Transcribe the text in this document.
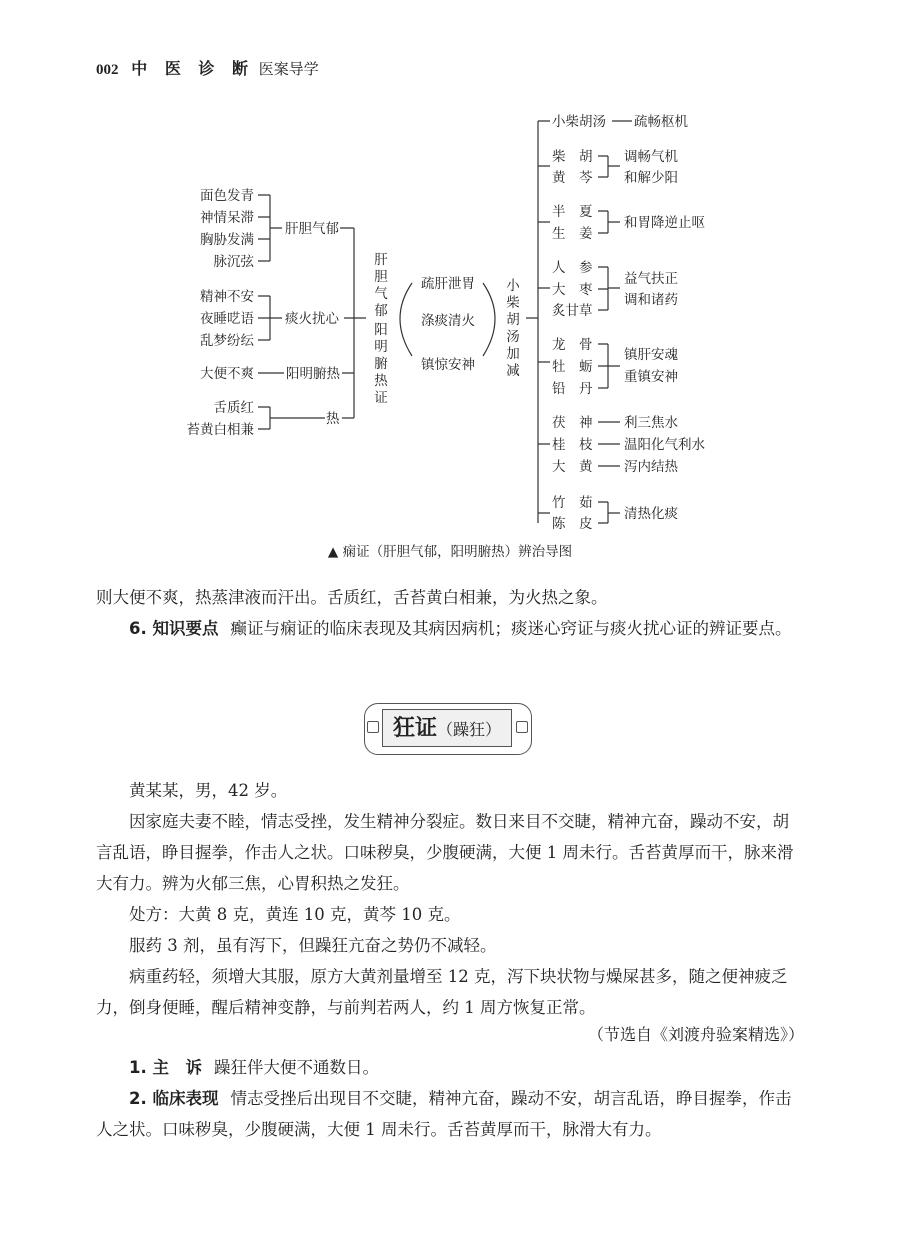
002 中 医 诊 断 医案导学
面色发青
神情呆滞
胸胁发满
脉沉弦
肝胆气郁
精神不安
夜睡呓语
乱梦纷纭
痰火扰心
大便不爽 阳明腑热
舌质红
苔黄白相兼
热
肝
胆
气
郁
阳
明
腑
热
证
疏肝泄胃
涤痰清火
镇惊安神
小
柴
胡
汤
加
减
小柴胡汤 疏畅枢机
柴　胡
黄　芩
调畅气机
和解少阳
半　夏
生　姜
和胃降逆止呕
人　参
大　枣
炙甘草
益气扶正
调和诸药
龙　骨
牡　蛎
铅　丹
镇肝安魂
重镇安神
茯　神 利三焦水
桂　枝 温阳化气利水
大　黄 泻内结热
竹　茹
陈　皮
清热化痰
▲ 痫证（肝胆气郁，阳明腑热）辨治导图
则大便不爽，热蒸津液而汗出。舌质红，舌苔黄白相兼，为火热之象。
6. 知识要点 癫证与痫证的临床表现及其病因病机；痰迷心窍证与痰火扰心证的辨证要点。
狂证（躁狂）
黄某某，男，42 岁。
因家庭夫妻不睦，情志受挫，发生精神分裂症。数日来目不交睫，精神亢奋，躁动不安，胡言乱语，睁目握拳，作击人之状。口味秽臭，少腹硬满，大便 1 周未行。舌苔黄厚而干，脉来滑大有力。辨为火郁三焦，心胃积热之发狂。
处方：大黄 8 克，黄连 10 克，黄芩 10 克。
服药 3 剂，虽有泻下，但躁狂亢奋之势仍不减轻。
病重药轻，须增大其服，原方大黄剂量增至 12 克，泻下块状物与燥屎甚多，随之便神疲乏力，倒身便睡，醒后精神变静，与前判若两人，约 1 周方恢复正常。
（节选自《刘渡舟验案精选》）
1. 主　诉 躁狂伴大便不通数日。
2. 临床表现 情志受挫后出现目不交睫，精神亢奋，躁动不安，胡言乱语，睁目握拳，作击人之状。口味秽臭，少腹硬满，大便 1 周未行。舌苔黄厚而干，脉滑大有力。
